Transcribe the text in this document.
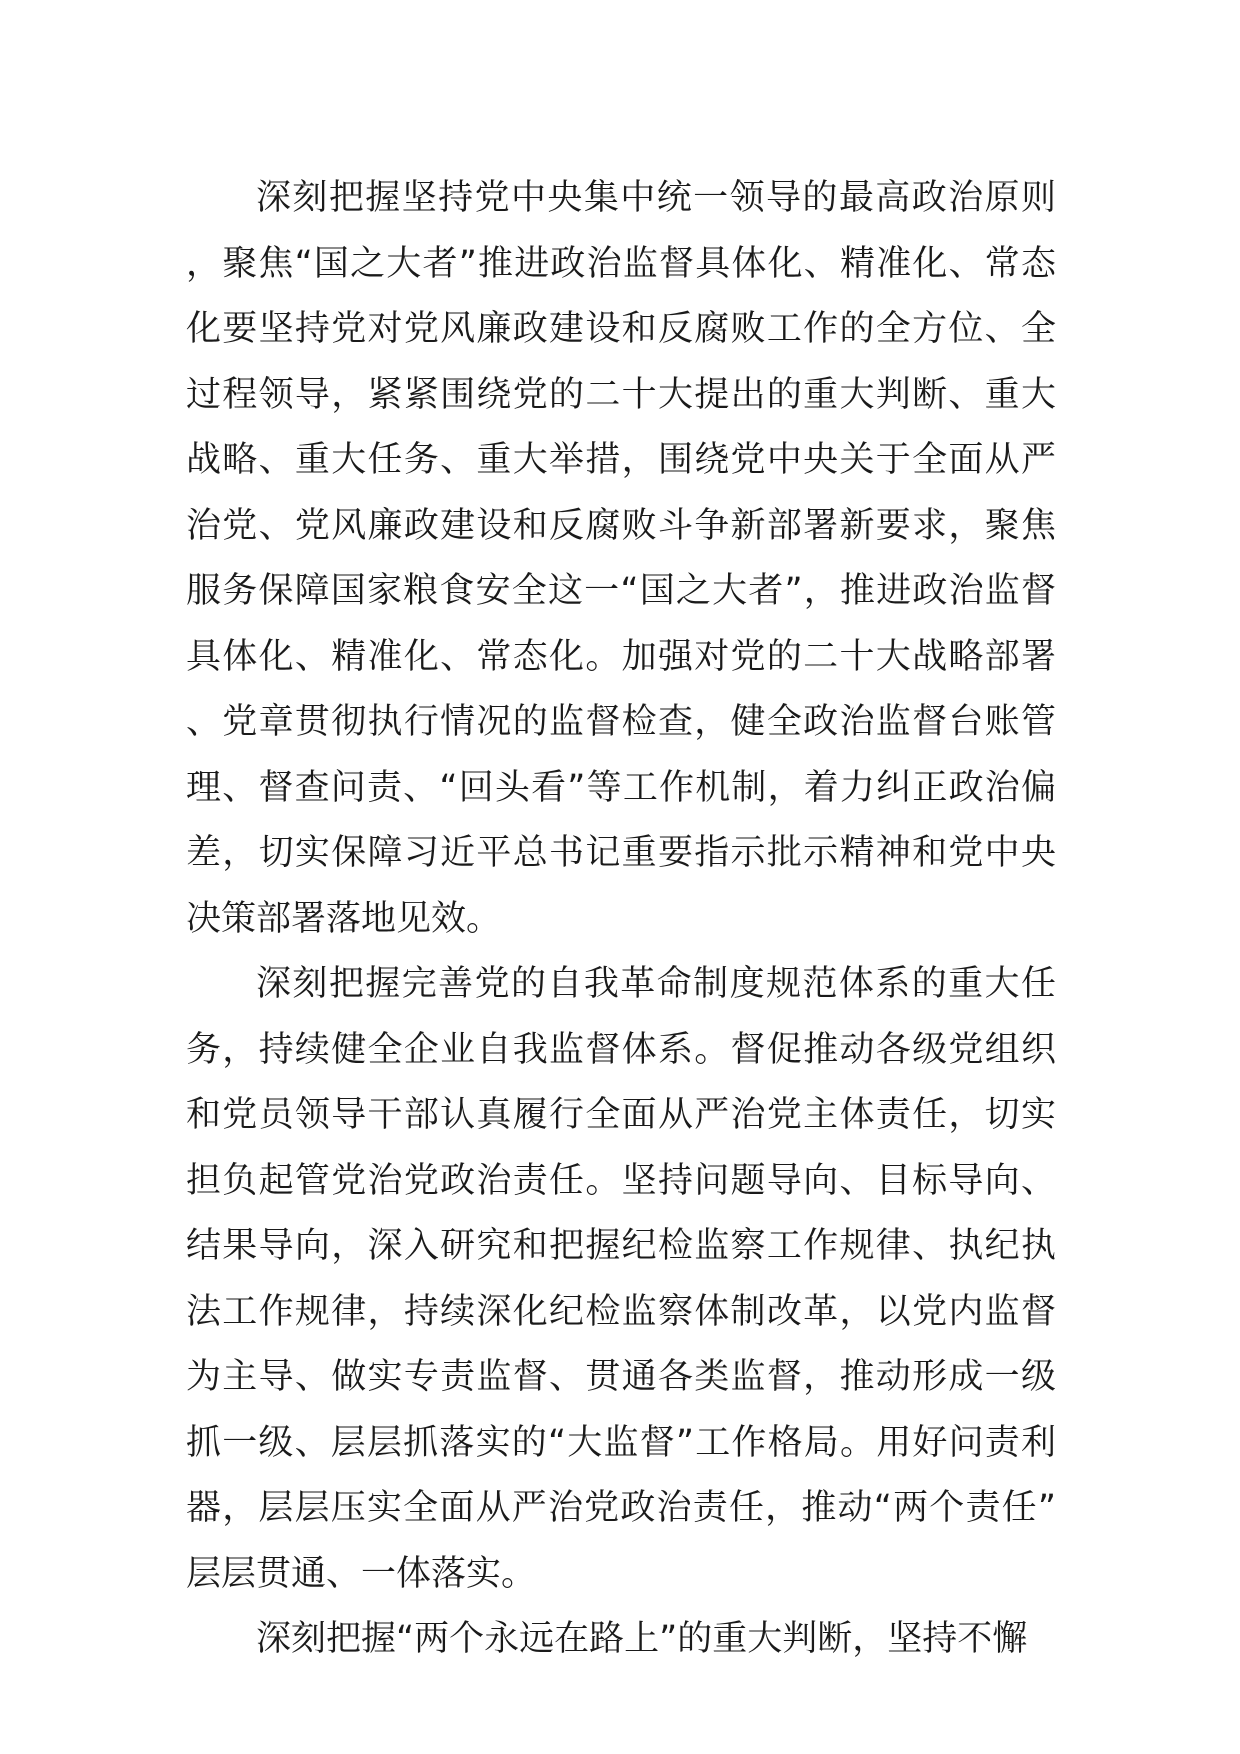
深刻把握坚持党中央集中统一领导的最高政治原则，聚焦“国之大者”推进政治监督具体化、精准化、常态化要坚持党对党风廉政建设和反腐败工作的全方位、全过程领导，紧紧围绕党的二十大提出的重大判断、重大战略、重大任务、重大举措，围绕党中央关于全面从严治党、党风廉政建设和反腐败斗争新部署新要求，聚焦服务保障国家粮食安全这一“国之大者”，推进政治监督具体化、精准化、常态化。加强对党的二十大战略部署、党章贯彻执行情况的监督检查，健全政治监督台账管理、督查问责、“回头看”等工作机制，着力纠正政治偏差，切实保障习近平总书记重要指示批示精神和党中央决策部署落地见效。

深刻把握完善党的自我革命制度规范体系的重大任务，持续健全企业自我监督体系。督促推动各级党组织和党员领导干部认真履行全面从严治党主体责任，切实担负起管党治党政治责任。坚持问题导向、目标导向、结果导向，深入研究和把握纪检监察工作规律、执纪执法工作规律，持续深化纪检监察体制改革，以党内监督为主导、做实专责监督、贯通各类监督，推动形成一级抓一级、层层抓落实的“大监督”工作格局。用好问责利器，层层压实全面从严治党政治责任，推动“两个责任”层层贯通、一体落实。

深刻把握“两个永远在路上”的重大判断，坚持不懈
